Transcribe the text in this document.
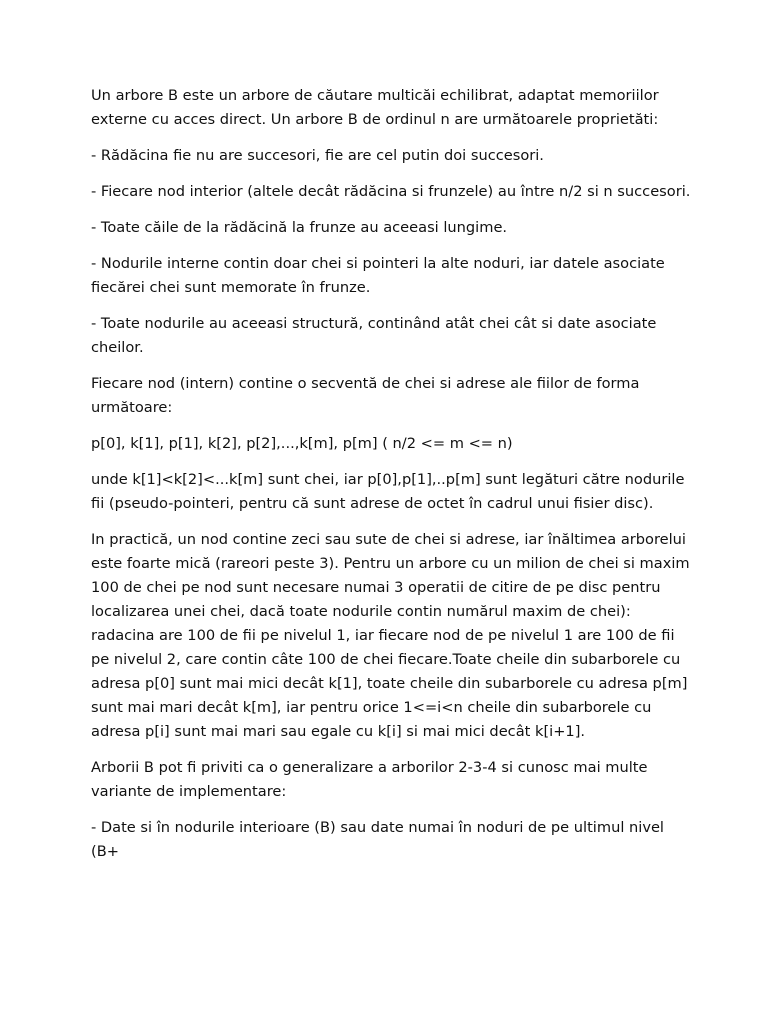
Un arbore B este un arbore de căutare multicăi echilibrat, adaptat memoriilor externe cu acces direct. Un arbore B de ordinul n are următoarele proprietăti:

- Rădăcina fie nu are succesori, fie are cel putin doi succesori.

- Fiecare nod interior (altele decât rădăcina si frunzele) au între n/2 si n succesori.

- Toate căile de la rădăcină la frunze au aceeasi lungime.

- Nodurile interne contin doar chei si pointeri la alte noduri, iar datele asociate fiecărei chei sunt memorate în frunze.

- Toate nodurile au aceeasi structură, continând atât chei cât si date asociate cheilor.

Fiecare nod (intern) contine o secventă de chei si adrese ale fiilor de forma următoare:

p[0], k[1], p[1], k[2], p[2],...,k[m], p[m] ( n/2 <= m <= n)

unde k[1]<k[2]<...k[m] sunt chei, iar p[0],p[1],..p[m] sunt legături către nodurile fii (pseudo-pointeri, pentru că sunt adrese de octet în cadrul unui fisier disc).

In practică, un nod contine zeci sau sute de chei si adrese, iar înăltimea arborelui este foarte mică (rareori peste 3). Pentru un arbore cu un milion de chei si maxim 100 de chei pe nod sunt necesare numai 3 operatii de citire de pe disc pentru localizarea unei chei, dacă toate nodurile contin numărul maxim de chei): radacina are 100 de fii pe nivelul 1, iar fiecare nod de pe nivelul 1 are 100 de fii pe nivelul 2, care contin câte 100 de chei fiecare.Toate cheile din subarborele cu adresa p[0] sunt mai mici decât k[1], toate cheile din subarborele cu adresa p[m] sunt mai mari decât k[m], iar pentru orice 1<=i<n cheile din subarborele cu adresa p[i] sunt mai mari sau egale cu k[i] si mai mici decât k[i+1].

Arborii B pot fi priviti ca o generalizare a arborilor 2-3-4 si cunosc mai multe variante de implementare:

- Date si în nodurile interioare (B) sau date numai în noduri de pe ultimul nivel (B+
